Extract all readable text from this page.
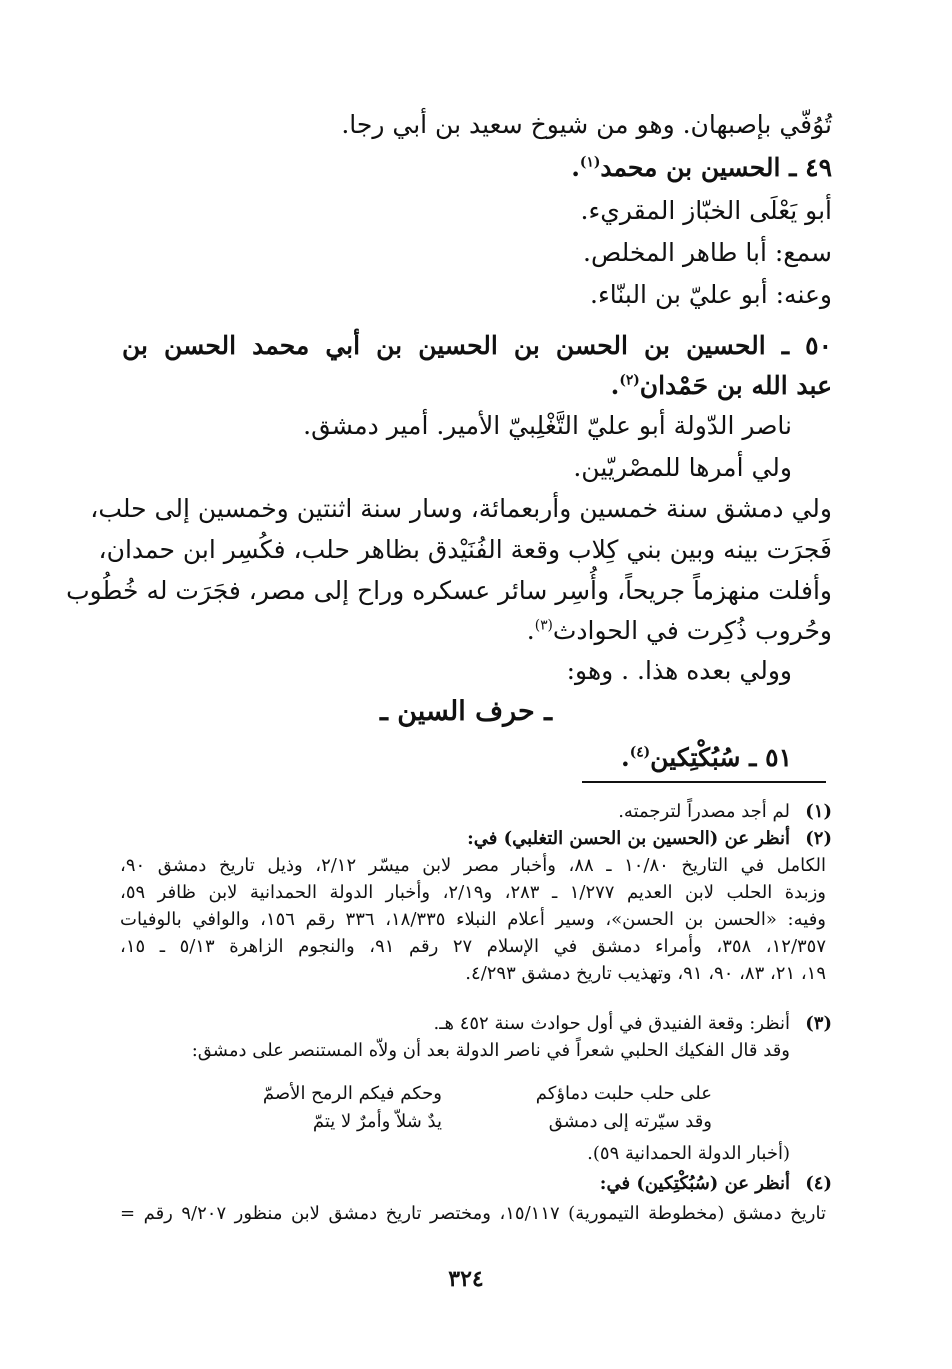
تُوُفّي بإصبهان. وهو من شيوخ سعيد بن أبي رجا.
٤٩ ـ الحسين بن محمد$^{(١)}$.
أبو يَعْلَى الخبّاز المقريء.
سمع: أبا طاهر المخلص.
وعنه: أبو عليّ بن البنّاء.
٥٠ ـ الحسين بن الحسن بن الحسين بن أبي محمد الحسن بن
عبد الله بن حَمْدان$^{(٢)}$.
ناصر الدّولة أبو عليّ التَّغْلِبيّ الأمير. أمير دمشق.
ولي أمرها للمصْريّين.
ولي دمشق سنة خمسين وأربعمائة، وسار سنة اثنتين وخمسين إلى حلب،
فَجرَت بينه وبين بني كِلاب وقعة الفُنَيْدق بظاهر حلب، فكُسِر ابن حمدان،
وأفلت منهزماً جريحاً، وأُسِر سائر عسكره وراح إلى مصر، فجَرَت له خُطُوب
وحُروب ذُكِرت في الحوادث$^{(٣)}$.
وولي بعده هذا. . وهو:
ـ حرف السين ـ
٥١ ـ سُبُكْتِكين$^{(٤)}$.
(١)
(٢)
(٣)
(٤)
لم أجد مصدراً لترجمته.
أنظر عن (الحسين بن الحسن التغلبي) في:
الكامل في التاريخ ١٠/٨٠ ـ ٨٨، وأخبار مصر لابن ميسّر ٢/١٢، وذيل تاريخ دمشق ٩٠،
وزبدة الحلب لابن العديم ١/٢٧٧ ـ ٢٨٣، و٢/١٩، وأخبار الدولة الحمدانية لابن ظافر ٥٩،
وفيه: «الحسن بن الحسن»، وسير أعلام النبلاء ١٨/٣٣٥، ٣٣٦ رقم ١٥٦، والوافي بالوفيات
١٢/٣٥٧، ٣٥٨، وأمراء دمشق في الإسلام ٢٧ رقم ٩١، والنجوم الزاهرة ٥/١٣ ـ ١٥،
١٩، ٢١، ٨٣، ٩٠، ٩١، وتهذيب تاريخ دمشق ٤/٢٩٣.
أنظر: وقعة الفنيدق في أول حوادث سنة ٤٥٢ هـ.
وقد قال الفكيك الحلبي شعراً في ناصر الدولة بعد أن ولاّه المستنصر على دمشق:
على حلب حلبت دماؤكم
وحكم فيكم الرمح الأصمّ
وقد سيّرته إلى دمشق
يدٌ شلاّ وأمرٌ لا يتمّ
(أخبار الدولة الحمدانية ٥٩).
أنظر عن (سُبُكْتِكين) في:
تاريخ دمشق (مخطوطة التيمورية) ١٥/١١٧، ومختصر تاريخ دمشق لابن منظور ٩/٢٠٧ رقم =
٣٢٤
